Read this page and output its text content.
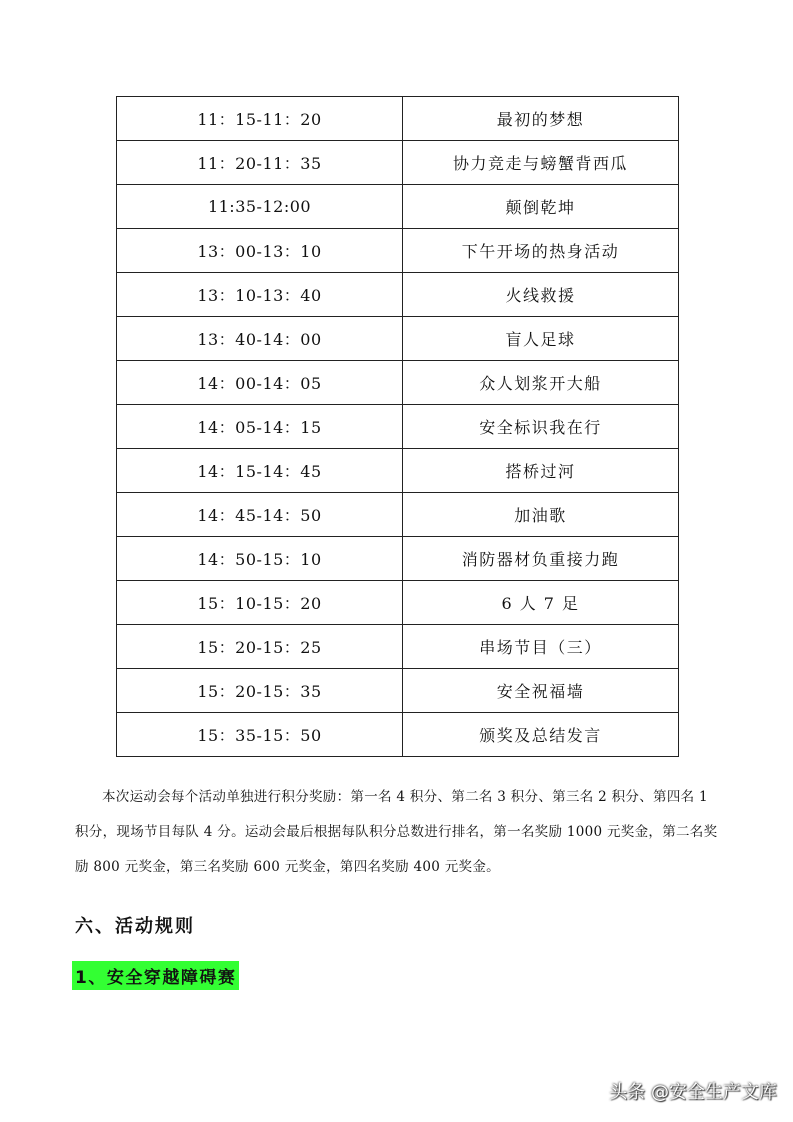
11：15-11：20	最初的梦想
11：20-11：35	协力竞走与螃蟹背西瓜
11:35-12:00	颠倒乾坤
13：00-13：10	下午开场的热身活动
13：10-13：40	火线救援
13：40-14：00	盲人足球
14：00-14：05	众人划浆开大船
14：05-14：15	安全标识我在行
14：15-14：45	搭桥过河
14：45-14：50	加油歌
14：50-15：10	消防器材负重接力跑
15：10-15：20	6 人 7 足
15：20-15：25	串场节目（三）
15：20-15：35	安全祝福墙
15：35-15：50	颁奖及总结发言

本次运动会每个活动单独进行积分奖励：第一名 4 积分、第二名 3 积分、第三名 2 积分、第四名 1 积分，现场节目每队 4 分。运动会最后根据每队积分总数进行排名，第一名奖励 1000 元奖金，第二名奖励 800 元奖金，第三名奖励 600 元奖金，第四名奖励 400 元奖金。

六、活动规则
1、安全穿越障碍赛
头条 @安全生产文库
